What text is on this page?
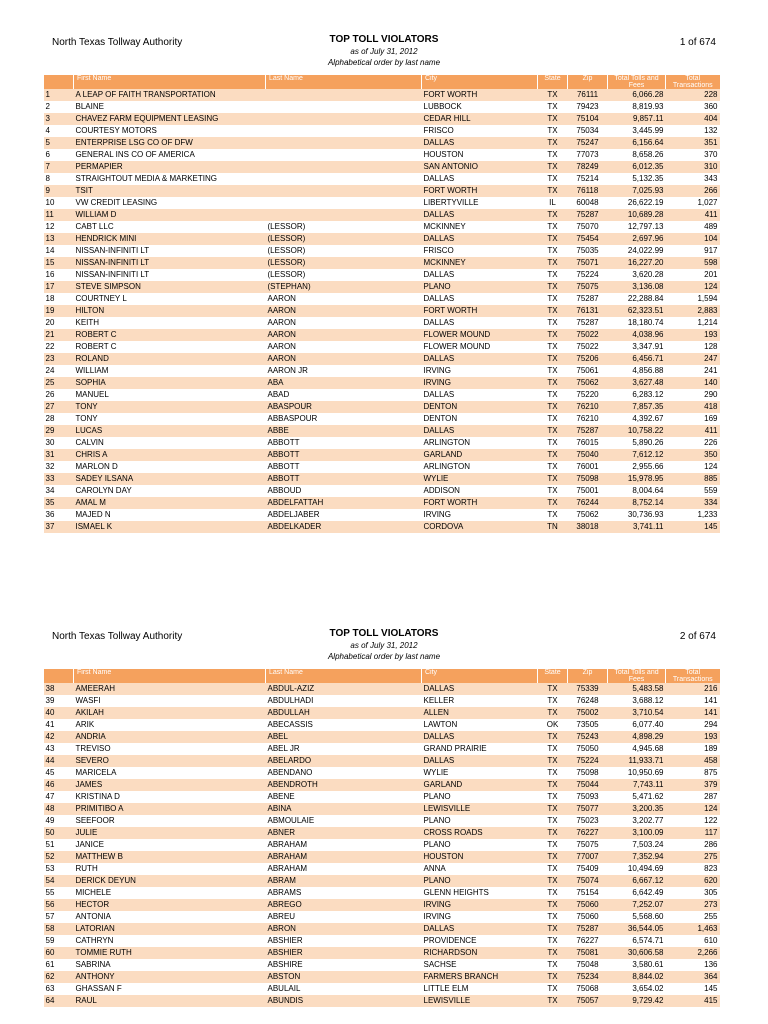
North Texas Tollway Authority	TOP TOLL VIOLATORS
as of July 31, 2012
Alphabetical order by last name
1 of 674
	First Name	Last Name	City	State	Zip	Total Tolls and Fees	Total Transactions
1	A LEAP OF FAITH TRANSPORTATION		FORT WORTH	TX	76111	6,066.28	228
2	BLAINE		LUBBOCK	TX	79423	8,819.93	360
3	CHAVEZ FARM EQUIPMENT LEASING		CEDAR HILL	TX	75104	9,857.11	404
4	COURTESY MOTORS		FRISCO	TX	75034	3,445.99	132
5	ENTERPRISE LSG CO OF DFW		DALLAS	TX	75247	6,156.64	351
6	GENERAL INS CO OF AMERICA		HOUSTON	TX	77073	8,658.26	370
7	PERMAPIER		SAN ANTONIO	TX	78249	6,012.35	310
8	STRAIGHTOUT MEDIA & MARKETING		DALLAS	TX	75214	5,132.35	343
9	TSIT		FORT WORTH	TX	76118	7,025.93	266
10	VW CREDIT LEASING		LIBERTYVILLE	IL	60048	26,622.19	1,027
11	WILLIAM D		DALLAS	TX	75287	10,689.28	411
12	CABT LLC	(LESSOR)	MCKINNEY	TX	75070	12,797.13	489
13	HENDRICK MINI	(LESSOR)	DALLAS	TX	75454	2,697.96	104
14	NISSAN-INFINITI LT	(LESSOR)	FRISCO	TX	75035	24,022.99	917
15	NISSAN-INFINITI LT	(LESSOR)	MCKINNEY	TX	75071	16,227.20	598
16	NISSAN-INFINITI LT	(LESSOR)	DALLAS	TX	75224	3,620.28	201
17	STEVE SIMPSON	(STEPHAN)	PLANO	TX	75075	3,136.08	124
18	COURTNEY L	AARON	DALLAS	TX	75287	22,288.84	1,594
19	HILTON	AARON	FORT WORTH	TX	76131	62,323.51	2,883
20	KEITH	AARON	DALLAS	TX	75287	18,180.74	1,214
21	ROBERT C	AARON	FLOWER MOUND	TX	75022	4,038.96	193
22	ROBERT C	AARON	FLOWER MOUND	TX	75022	3,347.91	128
23	ROLAND	AARON	DALLAS	TX	75206	6,456.71	247
24	WILLIAM	AARON JR	IRVING	TX	75061	4,856.88	241
25	SOPHIA	ABA	IRVING	TX	75062	3,627.48	140
26	MANUEL	ABAD	DALLAS	TX	75220	6,283.12	290
27	TONY	ABASPOUR	DENTON	TX	76210	7,857.35	418
28	TONY	ABBASPOUR	DENTON	TX	76210	4,392.67	169
29	LUCAS	ABBE	DALLAS	TX	75287	10,758.22	411
30	CALVIN	ABBOTT	ARLINGTON	TX	76015	5,890.26	226
31	CHRIS A	ABBOTT	GARLAND	TX	75040	7,612.12	350
32	MARLON D	ABBOTT	ARLINGTON	TX	76001	2,955.66	124
33	SADEY ILSANA	ABBOTT	WYLIE	TX	75098	15,978.95	885
34	CAROLYN DAY	ABBOUD	ADDISON	TX	75001	8,004.64	559
35	AMAL M	ABDELFATTAH	FORT WORTH	TX	76244	8,752.14	334
36	MAJED N	ABDELJABER	IRVING	TX	75062	30,736.93	1,233
37	ISMAEL K	ABDELKADER	CORDOVA	TN	38018	3,741.11	145
North Texas Tollway Authority	TOP TOLL VIOLATORS
as of July 31, 2012
Alphabetical order by last name
2 of 674
	First Name	Last Name	City	State	Zip	Total Tolls and Fees	Total Transactions
38	AMEERAH	ABDUL-AZIZ	DALLAS	TX	75339	5,483.58	216
39	WASFI	ABDULHADI	KELLER	TX	76248	3,688.12	141
40	AKILAH	ABDULLAH	ALLEN	TX	75002	3,710.54	141
41	ARIK	ABECASSIS	LAWTON	OK	73505	6,077.40	294
42	ANDRIA	ABEL	DALLAS	TX	75243	4,898.29	193
43	TREVISO	ABEL JR	GRAND PRAIRIE	TX	75050	4,945.68	189
44	SEVERO	ABELARDO	DALLAS	TX	75224	11,933.71	458
45	MARICELA	ABENDANO	WYLIE	TX	75098	10,950.69	875
46	JAMES	ABENDROTH	GARLAND	TX	75044	7,743.11	379
47	KRISTINA D	ABENE	PLANO	TX	75093	5,471.62	287
48	PRIMITIBO A	ABINA	LEWISVILLE	TX	75077	3,200.35	124
49	SEEFOOR	ABMOULAIE	PLANO	TX	75023	3,202.77	122
50	JULIE	ABNER	CROSS ROADS	TX	76227	3,100.09	117
51	JANICE	ABRAHAM	PLANO	TX	75075	7,503.24	286
52	MATTHEW B	ABRAHAM	HOUSTON	TX	77007	7,352.94	275
53	RUTH	ABRAHAM	ANNA	TX	75409	10,494.69	823
54	DERICK DEYUN	ABRAM	PLANO	TX	75074	6,667.12	620
55	MICHELE	ABRAMS	GLENN HEIGHTS	TX	75154	6,642.49	305
56	HECTOR	ABREGO	IRVING	TX	75060	7,252.07	273
57	ANTONIA	ABREU	IRVING	TX	75060	5,568.60	255
58	LATORIAN	ABRON	DALLAS	TX	75287	36,544.05	1,463
59	CATHRYN	ABSHIER	PROVIDENCE	TX	76227	6,574.71	610
60	TOMMIE RUTH	ABSHIER	RICHARDSON	TX	75081	30,606.58	2,266
61	SABRINA	ABSHIRE	SACHSE	TX	75048	3,580.61	136
62	ANTHONY	ABSTON	FARMERS BRANCH	TX	75234	8,844.02	364
63	GHASSAN F	ABULAIL	LITTLE ELM	TX	75068	3,654.02	145
64	RAUL	ABUNDIS	LEWISVILLE	TX	75057	9,729.42	415
